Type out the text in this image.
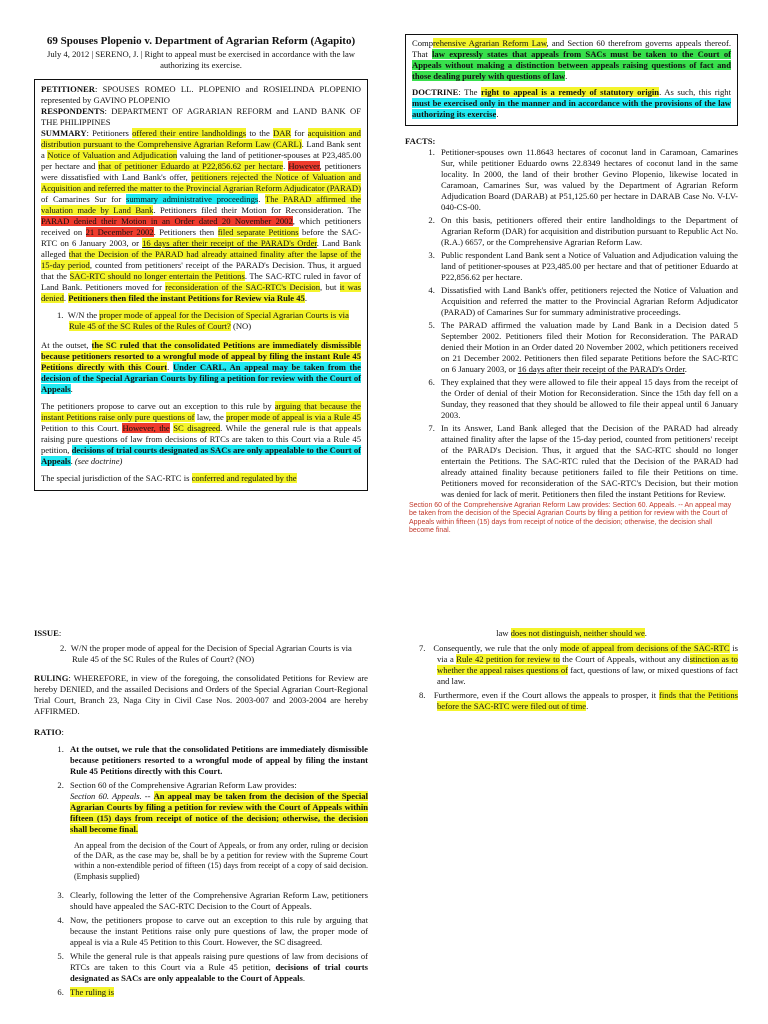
69 Spouses Plopenio v. Department of Agrarian Reform (Agapito)
July 4, 2012 | SERENO, J. | Right to appeal must be exercised in accordance with the law authorizing its exercise.

PETITIONER: SPOUSES ROMEO LL. PLOPENIO and ROSIELINDA PLOPENIO represented by GAVINO PLOPENIO

RESPONDENTS: DEPARTMENT OF AGRARIAN REFORM and LAND BANK OF THE PHILIPPINES

SUMMARY: Petitioners offered their entire landholdings to the DAR for acquisition and distribution pursuant to the Comprehensive Agrarian Reform Law (CARL). Land Bank sent a Notice of Valuation and Adjudication valuing the land of petitioner-spouses at P23,485.00 per hectare and that of petitioner Eduardo at P22,856.62 per hectare. However, petitioners were dissatisfied with Land Bank's offer, petitioners rejected the Notice of Valuation and Acquisition and referred the matter to the Provincial Agrarian Reform Adjudicator (PARAD) of Camarines Sur for summary administrative proceedings. The PARAD affirmed the valuation made by Land Bank. Petitioners filed their Motion for Reconsideration. The PARAD denied their Motion in an Order dated 20 November 2002, which petitioners received on 21 December 2002. Petitioners then filed separate Petitions before the SAC-RTC on 6 January 2003, or 16 days after their receipt of the PARAD's Order. Land Bank alleged that the Decision of the PARAD had already attained finality after the lapse of the 15-day period, counted from petitioners' receipt of the PARAD's Decision. Thus, it argued that the SAC-RTC should no longer entertain the Petitions. The SAC-RTC ruled in favor of Land Bank. Petitioners moved for reconsideration of the SAC-RTC's Decision, but it was denied. Petitioners then filed the instant Petitions for Review via Rule 45.

1. W/N the proper mode of appeal for the Decision of Special Agrarian Courts is via Rule 45 of the SC Rules of the Rules of Court? (NO)

At the outset, the SC ruled that the consolidated Petitions are immediately dismissible because petitioners resorted to a wrongful mode of appeal by filing the instant Rule 45 Petitions directly with this Court. Under CARL, An appeal may be taken from the decision of the Special Agrarian Courts by filing a petition for review with the Court of Appeals.

The petitioners propose to carve out an exception to this rule by arguing that because the instant Petitions raise only pure questions of law, the proper mode of appeal is via a Rule 45 Petition to this Court. However, the SC disagreed. While the general rule is that appeals raising pure questions of law from decisions of RTCs are taken to this Court via a Rule 45 petition, decisions of trial courts designated as SACs are only appealable to the Court of Appeals. (see doctrine)

The special jurisdiction of the SAC-RTC is conferred and regulated by the

Comprehensive Agrarian Reform Law, and Section 60 therefrom governs appeals thereof. That law expressly states that appeals from SACs must be taken to the Court of Appeals without making a distinction between appeals raising questions of fact and those dealing purely with questions of law.

DOCTRINE: The right to appeal is a remedy of statutory origin. As such, this right must be exercised only in the manner and in accordance with the provisions of the law authorizing its exercise.

FACTS:
1. Petitioner-spouses own 11.8643 hectares of coconut land in Caramoan, Camarines Sur, while petitioner Eduardo owns 22.8349 hectares of coconut land in the same locality. In 2000, the land of their brother Gevino Plopenio, likewise located in Caramoan, Camarines Sur, was valued by the Department of Agrarian Reform Adjudication Board (DARAB) at P51,125.60 per hectare in DARAB Case No. V-LV-040-CS-00.
2. On this basis, petitioners offered their entire landholdings to the Department of Agrarian Reform (DAR) for acquisition and distribution pursuant to Republic Act No. (R.A.) 6657, or the Comprehensive Agrarian Reform Law.
3. Public respondent Land Bank sent a Notice of Valuation and Adjudication valuing the land of petitioner-spouses at P23,485.00 per hectare and that of petitioner Eduardo at P22,856.62 per hectare.
4. Dissatisfied with Land Bank's offer, petitioners rejected the Notice of Valuation and Acquisition and referred the matter to the Provincial Agrarian Reform Adjudicator (PARAD) of Camarines Sur for summary administrative proceedings.
5. The PARAD affirmed the valuation made by Land Bank in a Decision dated 5 September 2002. Petitioners filed their Motion for Reconsideration. The PARAD denied their Motion in an Order dated 20 November 2002, which petitioners received on 21 December 2002. Petitioners then filed separate Petitions before the SAC-RTC on 6 January 2003, or 16 days after their receipt of the PARAD's Order.
6. They explained that they were allowed to file their appeal 15 days from the receipt of the Order of denial of their Motion for Reconsideration. Since the 15th day fell on a Sunday, they reasoned that they should be allowed to file their appeal until 6 January 2003.
7. In its Answer, Land Bank alleged that the Decision of the PARAD had already attained finality after the lapse of the 15-day period, counted from petitioners' receipt of the PARAD's Decision. Thus, it argued that the SAC-RTC should no longer entertain the Petitions. The SAC-RTC ruled that the Decision of the PARAD had already attained finality because petitioners failed to file their Petitions on time. Petitioners moved for reconsideration of the SAC-RTC's Decision, but their motion was denied for lack of merit. Petitioners then filed the instant Petitions for Review.
Section 60 of the Comprehensive Agrarian Reform Law provides: Section 60. Appeals. -- An appeal may be taken from the decision of the Special Agrarian Courts by filing a petition for review with the Court of Appeals within fifteen (15) days from receipt of notice of the decision; otherwise, the decision shall become final.
ISSUE:
2. W/N the proper mode of appeal for the Decision of Special Agrarian Courts is via Rule 45 of the SC Rules of the Rules of Court? (NO)

RULING: WHEREFORE, in view of the foregoing, the consolidated Petitions for Review are hereby DENIED, and the assailed Decisions and Orders of the Special Agrarian Court-Regional Trial Court, Branch 23, Naga City in Civil Case Nos. 2003-007 and 2003-2004 are hereby AFFIRMED.

RATIO:
1. At the outset, we rule that the consolidated Petitions are immediately dismissible because petitioners resorted to a wrongful mode of appeal by filing the instant Rule 45 Petitions directly with this Court.
2. Section 60 of the Comprehensive Agrarian Reform Law provides:
Section 60. Appeals. -- An appeal may be taken from the decision of the Special Agrarian Courts by filing a petition for review with the Court of Appeals within fifteen (15) days from receipt of notice of the decision; otherwise, the decision shall become final.
An appeal from the decision of the Court of Appeals, or from any order, ruling or decision of the DAR, as the case may be, shall be by a petition for review with the Supreme Court within a non-extendible period of fifteen (15) days from receipt of a copy of said decision. (Emphasis supplied)
3. Clearly, following the letter of the Comprehensive Agrarian Reform Law, petitioners should have appealed the SAC-RTC Decision to the Court of Appeals.
4. Now, the petitioners propose to carve out an exception to this rule by arguing that because the instant Petitions raise only pure questions of law, the proper mode of appeal is via a Rule 45 Petition to this Court. However, the SC disagreed.
5. While the general rule is that appeals raising pure questions of law from decisions of RTCs are taken to this Court via a Rule 45 petition, decisions of trial courts designated as SACs are only appealable to the Court of Appeals.
6. The ruling is
law does not distinguish, neither should we.
7. Consequently, we rule that the only mode of appeal from decisions of the SAC-RTC is via a Rule 42 petition for review to the Court of Appeals, without any distinction as to whether the appeal raises questions of fact, questions of law, or mixed questions of fact and law.
8. Furthermore, even if the Court allows the appeals to prosper, it finds that the Petitions before the SAC-RTC were filed out of time.
